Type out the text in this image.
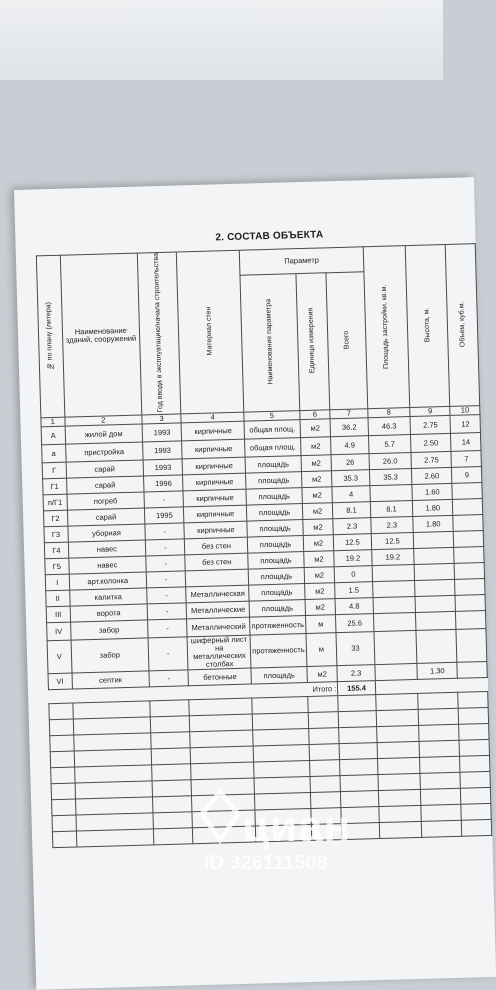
2. СОСТАВ ОБЪЕКТА
№ по плану (литера)	Наименование зданий, сооружений	Год ввода в эксплуатацию/начала строительства	Материал стен	Параметр			Площадь застройки, кв.м.	Высота, м.	Объем, куб.м.
				Наименование параметра	Единица измерения	Всего			
1	2	3	4	5	6	7	8	9	10
А	жилой дом	1993	кирпичные	общая площ.	м2	36.2	46.3	2.75	12
а	пристройка	1993	кирпичные	общая площ.	м2	4.9	5.7	2.50	14
Г	сарай	1993	кирпичные	площадь	м2	26	26.0	2.75	7
Г1	сарай	1996	кирпичные	площадь	м2	35.3	35.3	2.60	9
п/Г1	погреб	-	кирпичные	площадь	м2	4		1.60	
Г2	сарай	1995	кирпичные	площадь	м2	8.1	8.1	1.80	
Г3	уборная	-	кирпичные	площадь	м2	2.3	2.3	1.80	
Г4	навес	-	без стен	площадь	м2	12.5	12.5		
Г5	навес	-	без стен	площадь	м2	19.2	19.2		
I	арт.колонка	-		площадь	м2	0			
II	калитка	-	Металлическая	площадь	м2	1.5			
III	ворота	-	Металлические	площадь	м2	4.8			
IV	забор	-	Металлический	протяженность	м	25.6			
V	забор	-	шиферный лист на металлических столбах	протяженность	м	33			
VI	септик	-	бетонные	площадь	м2	2.3		1.30	
Итого :						155.4			

циан
ID 326111508
